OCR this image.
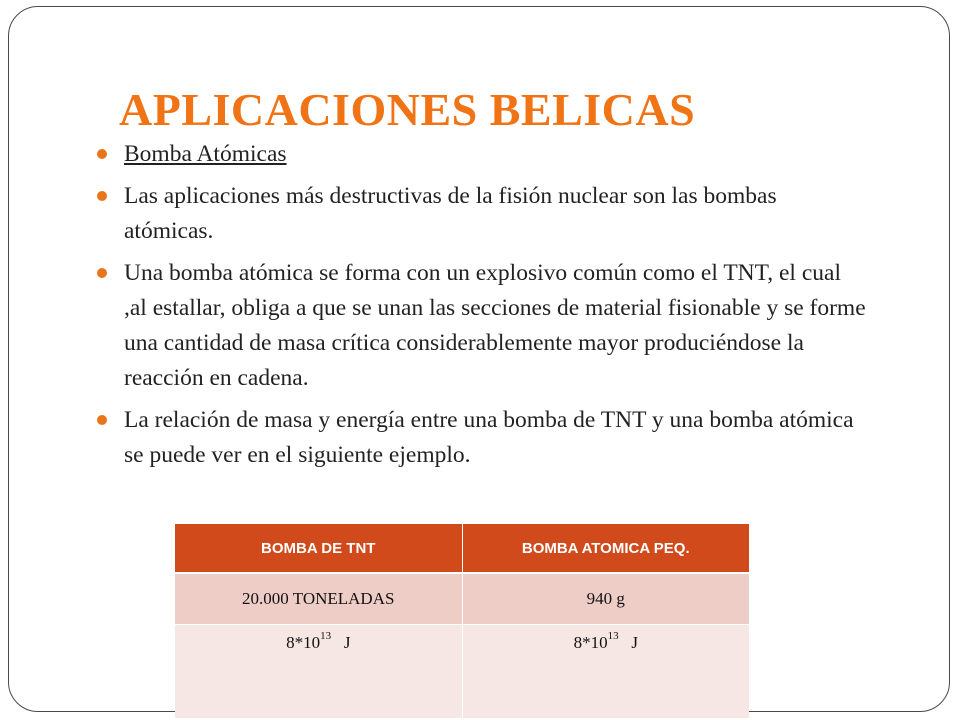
APLICACIONES BELICAS
Bomba Atómicas
Las aplicaciones más destructivas de la fisión nuclear son las bombas atómicas.
Una bomba atómica se forma con un explosivo común como el TNT, el cual ,al estallar, obliga a que se unan las secciones de material fisionable y se forme una cantidad de masa crítica considerablemente mayor produciéndose la reacción en cadena.
La relación de masa y energía entre una bomba de TNT y una bomba atómica se puede ver en el siguiente ejemplo.
BOMBA DE TNT	BOMBA ATOMICA PEQ.
20.000 TONELADAS	940 g
$8*10^{13}$ J	$8*10^{13}$ J
